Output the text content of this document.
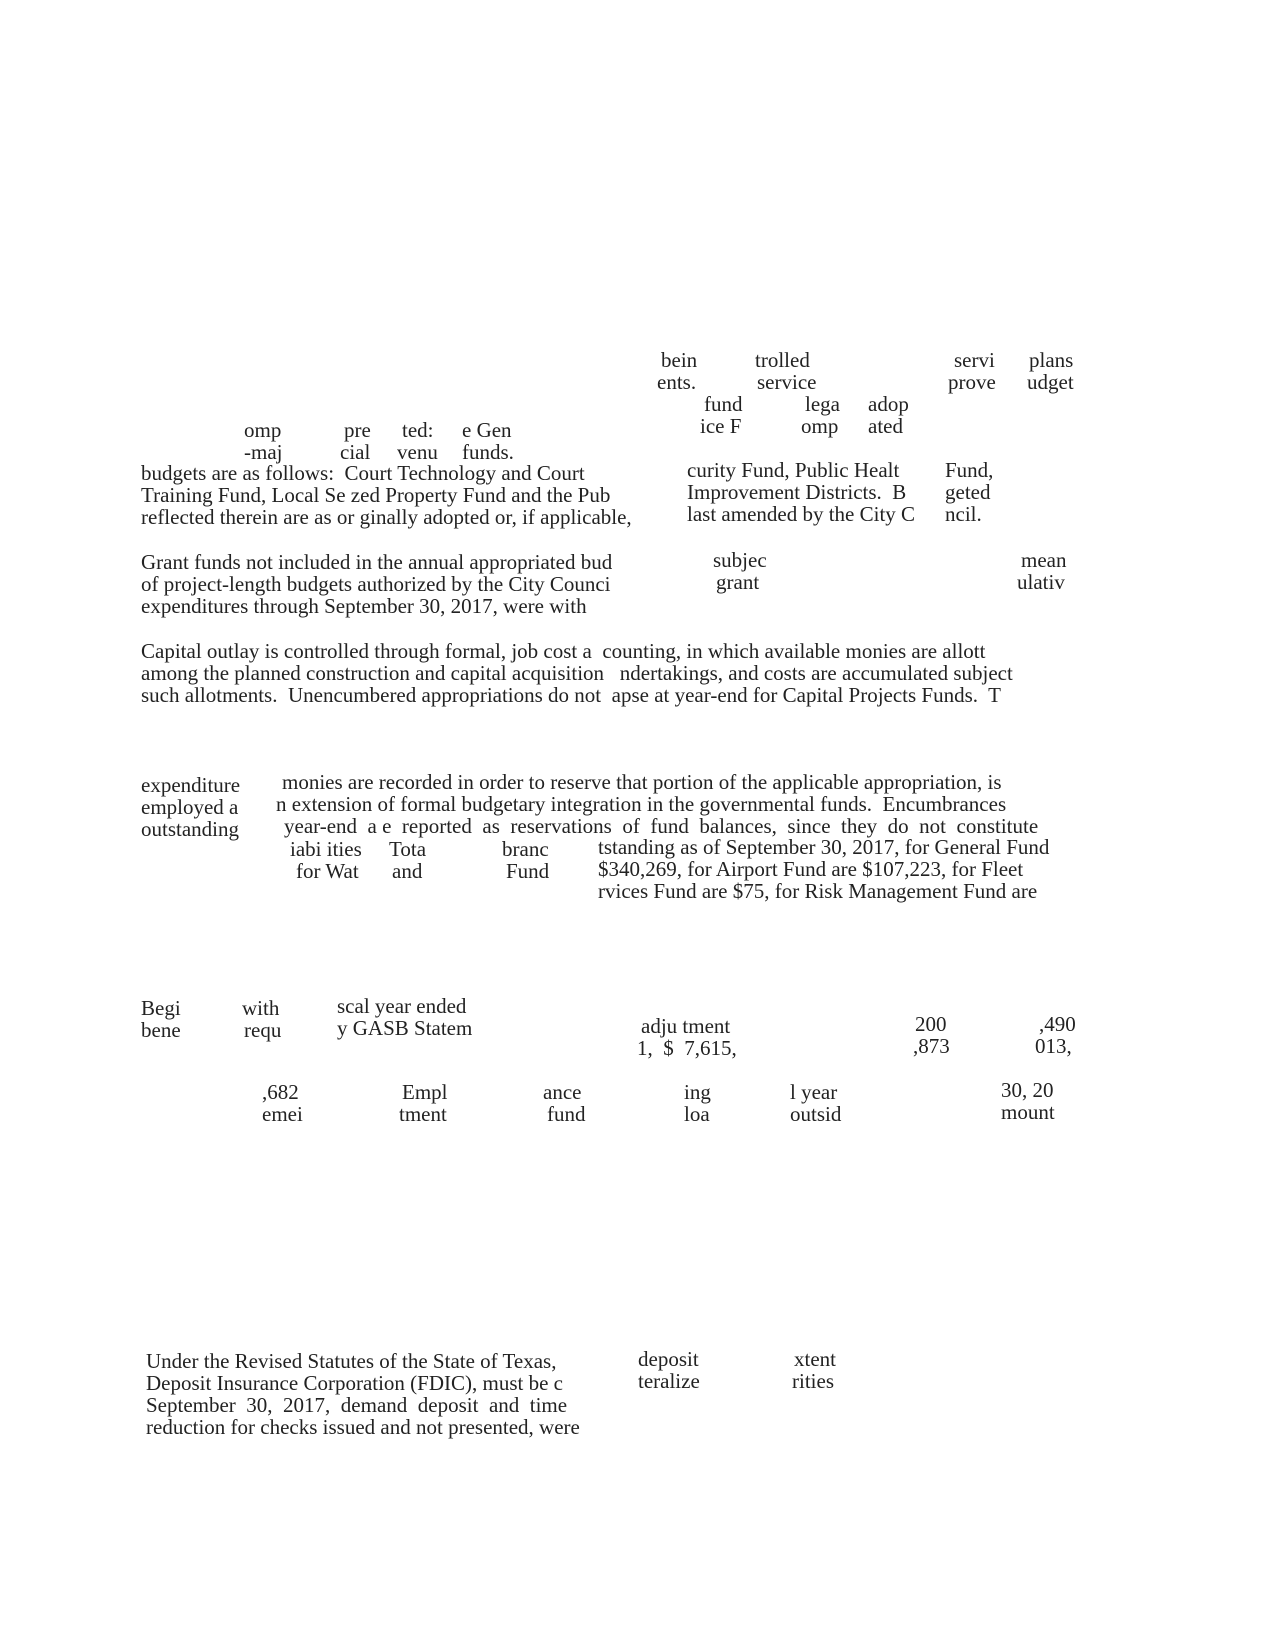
bein
ents.
trolled
service
servi
prove
plans
udget
fund
ice F
lega
omp
adop
ated
omp
-maj
pre
cial
ted:
venu
e Gen
funds.
budgets are as follows:  Court Technology and Court
Training Fund, Local Se zed Property Fund and the Pub
reflected therein are as or ginally adopted or, if applicable,
curity Fund, Public Healt
Improvement Districts.  B
last amended by the City C
Fund,
geted
ncil.
Grant funds not included in the annual appropriated bud
of project-length budgets authorized by the City Counci
expenditures through September 30, 2017, were with
subjec
grant
mean
ulativ
Capital outlay is controlled through formal, job cost a  counting, in which available monies are allott
among the planned construction and capital acquisition   ndertakings, and costs are accumulated subject
such allotments.  Unencumbered appropriations do not  apse at year-end for Capital Projects Funds.  T
expenditure
employed a
outstanding
monies are recorded in order to reserve that portion of the applicable appropriation, is
n extension of formal budgetary integration in the governmental funds.  Encumbrances
year-end  a e  reported  as  reservations  of  fund  balances,  since  they  do  not  constitute
iabi ities
for Wat
Tota
and
branc
Fund
tstanding as of September 30, 2017, for General Fund
$340,269, for Airport Fund are $107,223, for Fleet
rvices Fund are $75, for Risk Management Fund are
Begi
bene
with
requ
scal year ended
y GASB Statem	adju tment
1,  $  7,615,
200
,873
,490
013,
,682
emei
Empl
tment
ance
fund
ing
loa
l year
outsid
30, 20
mount
Under the Revised Statutes of the State of Texas,
Deposit Insurance Corporation (FDIC), must be c
September  30,  2017,  demand  deposit  and  time
reduction for checks issued and not presented, were
deposit
teralize
xtent
rities
